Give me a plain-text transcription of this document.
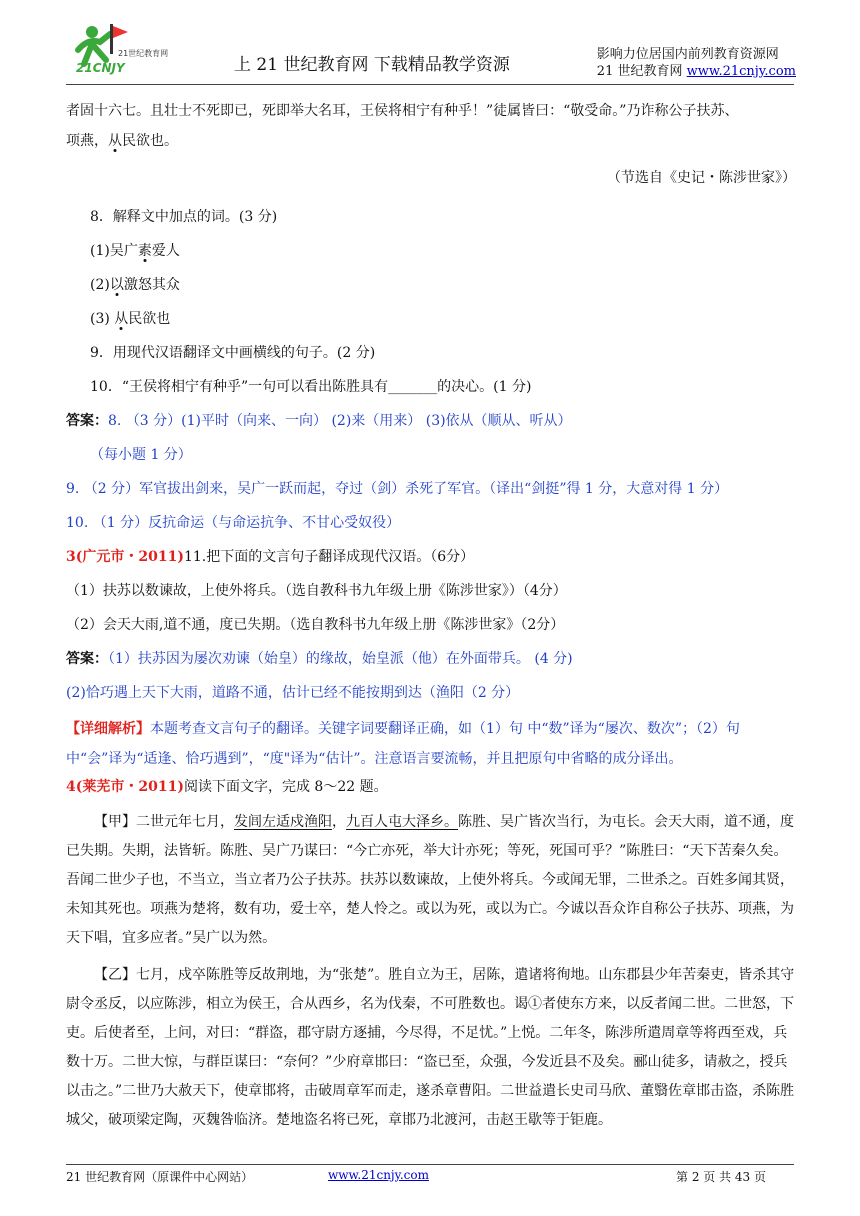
21世纪教育网
21CNJY	上 21 世纪教育网 下载精品教学资源
影响力位居国内前列教育资源网
21 世纪教育网 www.21cnjy.com

者固十六七。且壮士不死即已，死即举大名耳，王侯将相宁有种乎！”徒属皆曰：“敬受命。”乃诈称公子扶苏、

项燕，从民欲也。

（节选自《史记・陈涉世家》）

8．解释文中加点的词。(3 分)

(1)吴广素爱人

(2)以激怒其众

(3) 从民欲也

9．用现代汉语翻译文中画横线的句子。(2 分)

10．“王侯将相宁有种乎”一句可以看出陈胜具有_______的决心。(1 分)

答案：8. （3 分）(1)平时（向来、一向） (2)来（用来） (3)依从（顺从、听从）

（每小题 1 分）

9. （2 分）军官拔出剑来，吴广一跃而起，夺过（剑）杀死了军官。（译出“剑挺”得 1 分，大意对得 1 分）

10. （1 分）反抗命运（与命运抗争、不甘心受奴役）

3(广元市・2011)11.把下面的文言句子翻译成现代汉语。（6分）

（1）扶苏以数谏故，上使外将兵。（选自教科书九年级上册《陈涉世家》）（4分）

（2）会天大雨,道不通，度已失期。（选自教科书九年级上册《陈涉世家》（2分）

答案：（1）扶苏因为屡次劝谏（始皇）的缘故，始皇派（他）在外面带兵。 (4 分)

(2)恰巧遇上天下大雨，道路不通，估计已经不能按期到达（渔阳（2 分）

【详细解析】本题考查文言句子的翻译。关键字词要翻译正确，如（1）句 中“数”译为“屡次、数次”；（2）句中“会”译为“适逢、恰巧遇到”，“度"译为“估计”。注意语言要流畅，并且把原句中省略的成分译出。

4(莱芜市・2011)阅读下面文字，完成 8～22 题。

【甲】二世元年七月，发闾左适戍渔阳，九百人屯大泽乡。陈胜、吴广皆次当行，为屯长。会天大雨，道不通，度已失期。失期，法皆斩。陈胜、吴广乃谋曰：“今亡亦死，举大计亦死；等死，死国可乎？”陈胜曰：“天下苦秦久矣。吾闻二世少子也，不当立，当立者乃公子扶苏。扶苏以数谏故，上使外将兵。今或闻无罪，二世杀之。百姓多闻其贤，未知其死也。项燕为楚将，数有功，爱士卒，楚人怜之。或以为死，或以为亡。今诚以吾众诈自称公子扶苏、项燕，为天下唱，宜多应者。”吴广以为然。

【乙】七月，戍卒陈胜等反故荆地，为“张楚”。胜自立为王，居陈，遣诸将徇地。山东郡县少年苦秦吏，皆杀其守尉令丞反，以应陈涉，相立为侯王，合从西乡，名为伐秦，不可胜数也。谒①者使东方来，以反者闻二世。二世怒，下吏。后使者至，上问，对曰：“群盗，郡守尉方逐捕，今尽得，不足忧。”上悦。二年冬，陈涉所遣周章等将西至戏，兵数十万。二世大惊，与群臣谋曰：“奈何？”少府章邯曰：“盗已至，众强，今发近县不及矣。郦山徒多，请赦之，授兵以击之。”二世乃大赦天下，使章邯将，击破周章军而走，遂杀章曹阳。二世益遣长史司马欣、董翳佐章邯击盗，杀陈胜城父，破项梁定陶，灭魏咎临济。楚地盗名将已死，章邯乃北渡河，击赵王歇等于钜鹿。

21 世纪教育网（原课件中心网站）	www.21cnjy.com	第 2 页 共 43 页
